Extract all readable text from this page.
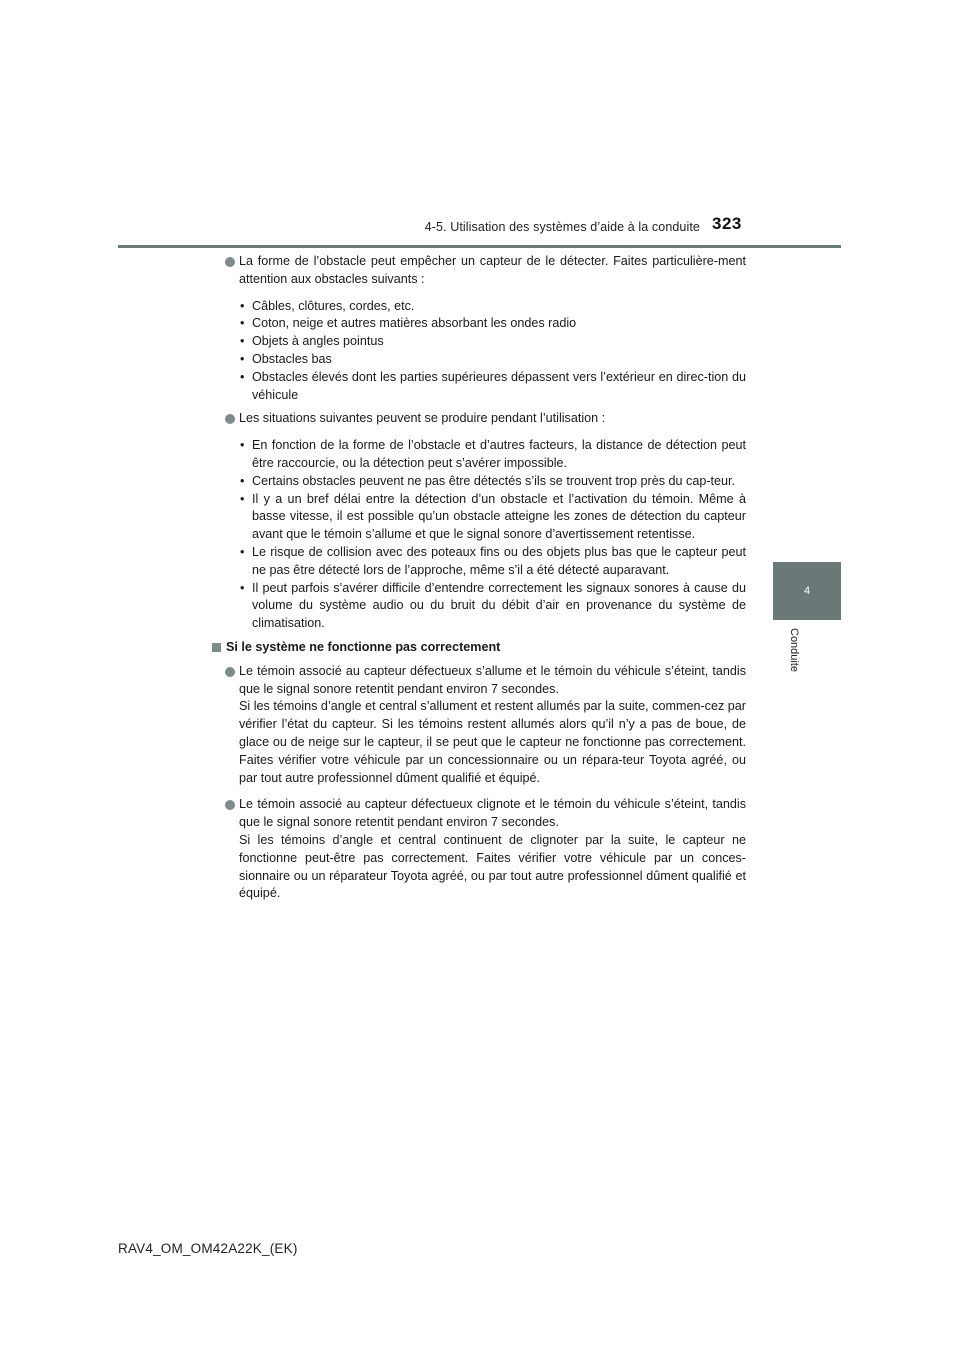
4-5. Utilisation des systèmes d’aide à la conduite 323
4
Conduite
La forme de l’obstacle peut empêcher un capteur de le détecter. Faites particulière-ment attention aux obstacles suivants :
• Câbles, clôtures, cordes, etc.
• Coton, neige et autres matières absorbant les ondes radio
• Objets à angles pointus
• Obstacles bas
• Obstacles élevés dont les parties supérieures dépassent vers l’extérieur en direc-tion du véhicule
Les situations suivantes peuvent se produire pendant l’utilisation :
• En fonction de la forme de l’obstacle et d’autres facteurs, la distance de détection peut être raccourcie, ou la détection peut s’avérer impossible.
• Certains obstacles peuvent ne pas être détectés s’ils se trouvent trop près du cap-teur.
• Il y a un bref délai entre la détection d’un obstacle et l’activation du témoin. Même à basse vitesse, il est possible qu’un obstacle atteigne les zones de détection du capteur avant que le témoin s’allume et que le signal sonore d’avertissement retentisse.
• Le risque de collision avec des poteaux fins ou des objets plus bas que le capteur peut ne pas être détecté lors de l’approche, même s’il a été détecté auparavant.
• Il peut parfois s’avérer difficile d’entendre correctement les signaux sonores à cause du volume du système audio ou du bruit du débit d’air en provenance du système de climatisation.
Si le système ne fonctionne pas correctement
Le témoin associé au capteur défectueux s’allume et le témoin du véhicule s’éteint, tandis que le signal sonore retentit pendant environ 7 secondes.
Si les témoins d’angle et central s’allument et restent allumés par la suite, commen-cez par vérifier l’état du capteur. Si les témoins restent allumés alors qu’il n’y a pas de boue, de glace ou de neige sur le capteur, il se peut que le capteur ne fonctionne pas correctement. Faites vérifier votre véhicule par un concessionnaire ou un répara-teur Toyota agréé, ou par tout autre professionnel dûment qualifié et équipé.
Le témoin associé au capteur défectueux clignote et le témoin du véhicule s’éteint, tandis que le signal sonore retentit pendant environ 7 secondes.
Si les témoins d’angle et central continuent de clignoter par la suite, le capteur ne fonctionne peut-être pas correctement. Faites vérifier votre véhicule par un conces-sionnaire ou un réparateur Toyota agréé, ou par tout autre professionnel dûment qualifié et équipé.
RAV4_OM_OM42A22K_(EK)
